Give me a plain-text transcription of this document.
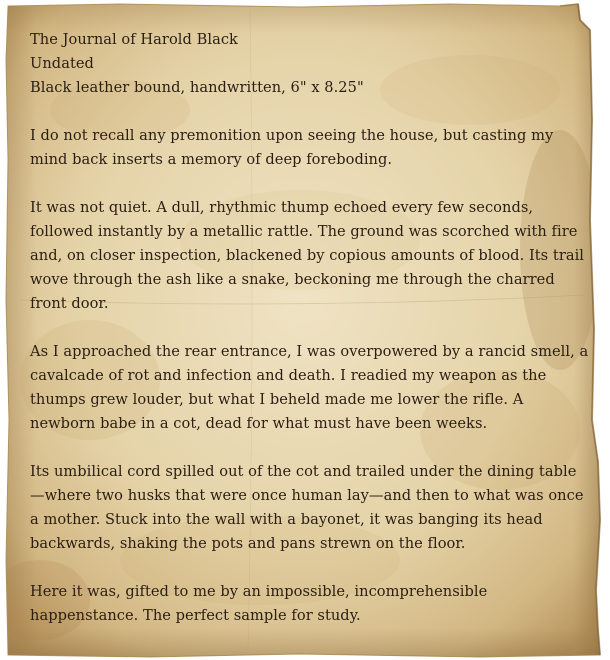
The Journal of Harold Black

Undated

Black leather bound, handwritten, 6" x 8.25"

I do not recall any premonition upon seeing the house, but casting my mind back inserts a memory of deep foreboding.

It was not quiet. A dull, rhythmic thump echoed every few seconds, followed instantly by a metallic rattle. The ground was scorched with fire and, on closer inspection, blackened by copious amounts of blood. Its trail wove through the ash like a snake, beckoning me through the charred front door.

As I approached the rear entrance, I was overpowered by a rancid smell, a cavalcade of rot and infection and death. I readied my weapon as the thumps grew louder, but what I beheld made me lower the rifle. A newborn babe in a cot, dead for what must have been weeks.

Its umbilical cord spilled out of the cot and trailed under the dining table—where two husks that were once human lay—and then to what was once a mother. Stuck into the wall with a bayonet, it was banging its head backwards, shaking the pots and pans strewn on the floor.

Here it was, gifted to me by an impossible, incomprehensible happenstance. The perfect sample for study.
